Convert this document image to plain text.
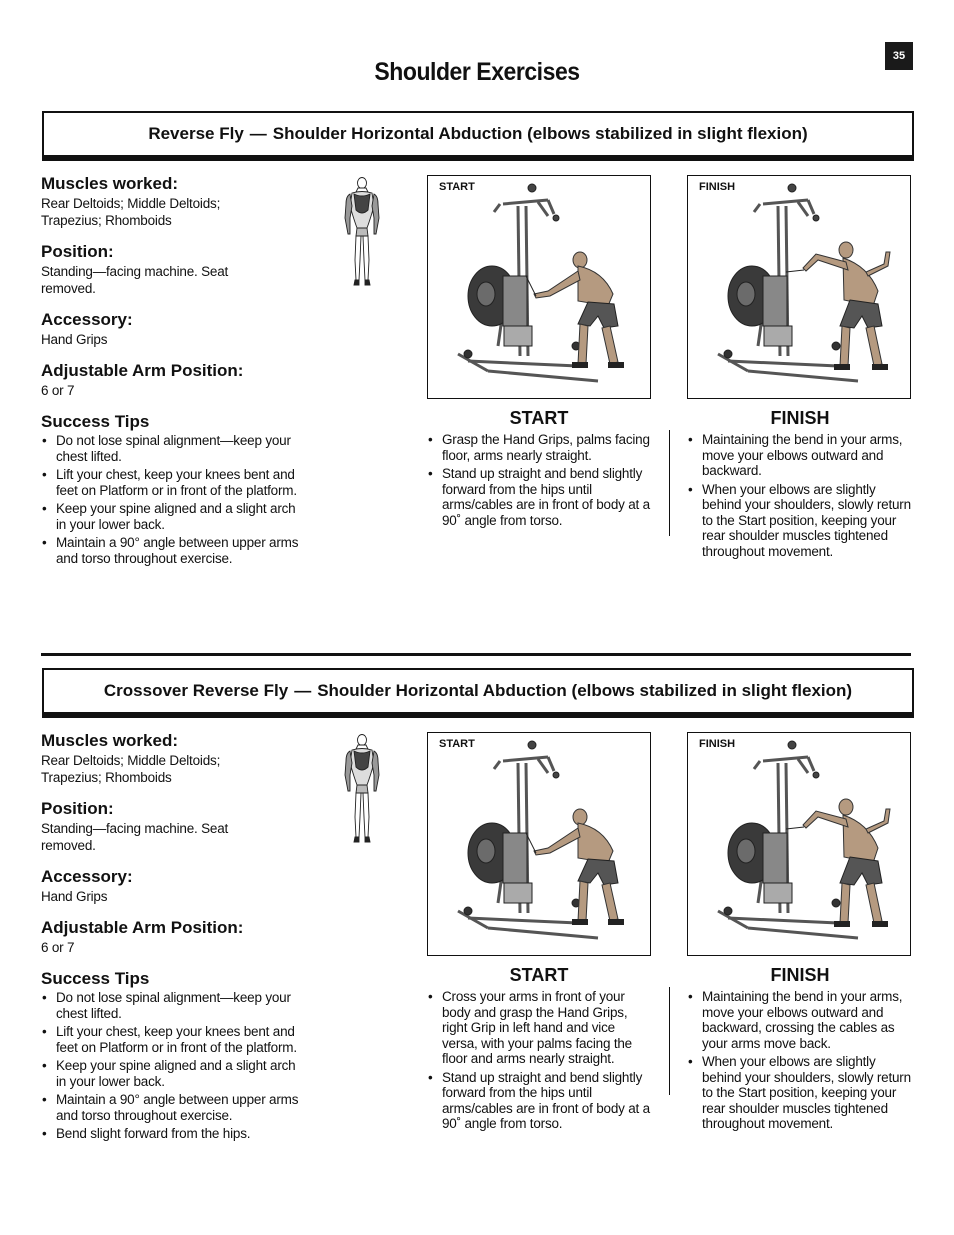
Shoulder Exercises
35
Reverse Fly — Shoulder Horizontal Abduction (elbows stabilized in slight flexion)

Muscles worked:

Rear Deltoids; Middle Deltoids;
Trapezius; Rhomboids

Position:

Standing—facing machine. Seat
removed.

Accessory:

Hand Grips

Adjustable Arm Position:

6 or 7

Success Tips

• Do not lose spinal alignment—keep your chest lifted.
• Lift your chest, keep your knees bent and feet on Platform or in front of the platform.
• Keep your spine aligned and a slight arch in your lower back.
• Maintain a 90° angle between upper arms and torso throughout exercise.
START	FINISH
START	FINISH
• Grasp the Hand Grips, palms facing floor, arms nearly straight.
• Stand up straight and bend slightly forward from the hips until arms/cables are in front of body at a 90˚ angle from torso.
• Maintaining the bend in your arms, move your elbows outward and backward.
• When your elbows are slightly behind your shoulders, slowly return to the Start position, keeping your rear shoulder muscles tightened throughout movement.
Crossover Reverse Fly — Shoulder Horizontal Abduction (elbows stabilized in slight flexion)

Muscles worked:

Rear Deltoids; Middle Deltoids;
Trapezius; Rhomboids

Position:

Standing—facing machine. Seat
removed.

Accessory:

Hand Grips

Adjustable Arm Position:

6 or 7

Success Tips

• Do not lose spinal alignment—keep your chest lifted.
• Lift your chest, keep your knees bent and feet on Platform or in front of the platform.
• Keep your spine aligned and a slight arch in your lower back.
• Maintain a 90° angle between upper arms and torso throughout exercise.
• Bend slight forward from the hips.
START	FINISH
START	FINISH
• Cross your arms in front of your body and grasp the Hand Grips, right Grip in left hand and vice versa, with your palms facing the floor and arms nearly straight.
• Stand up straight and bend slightly forward from the hips until arms/cables are in front of body at a 90˚ angle from torso.
• Maintaining the bend in your arms, move your elbows outward and backward, crossing the cables as your arms move back.
• When your elbows are slightly behind your shoulders, slowly return to the Start position, keeping your rear shoulder muscles tightened throughout movement.
